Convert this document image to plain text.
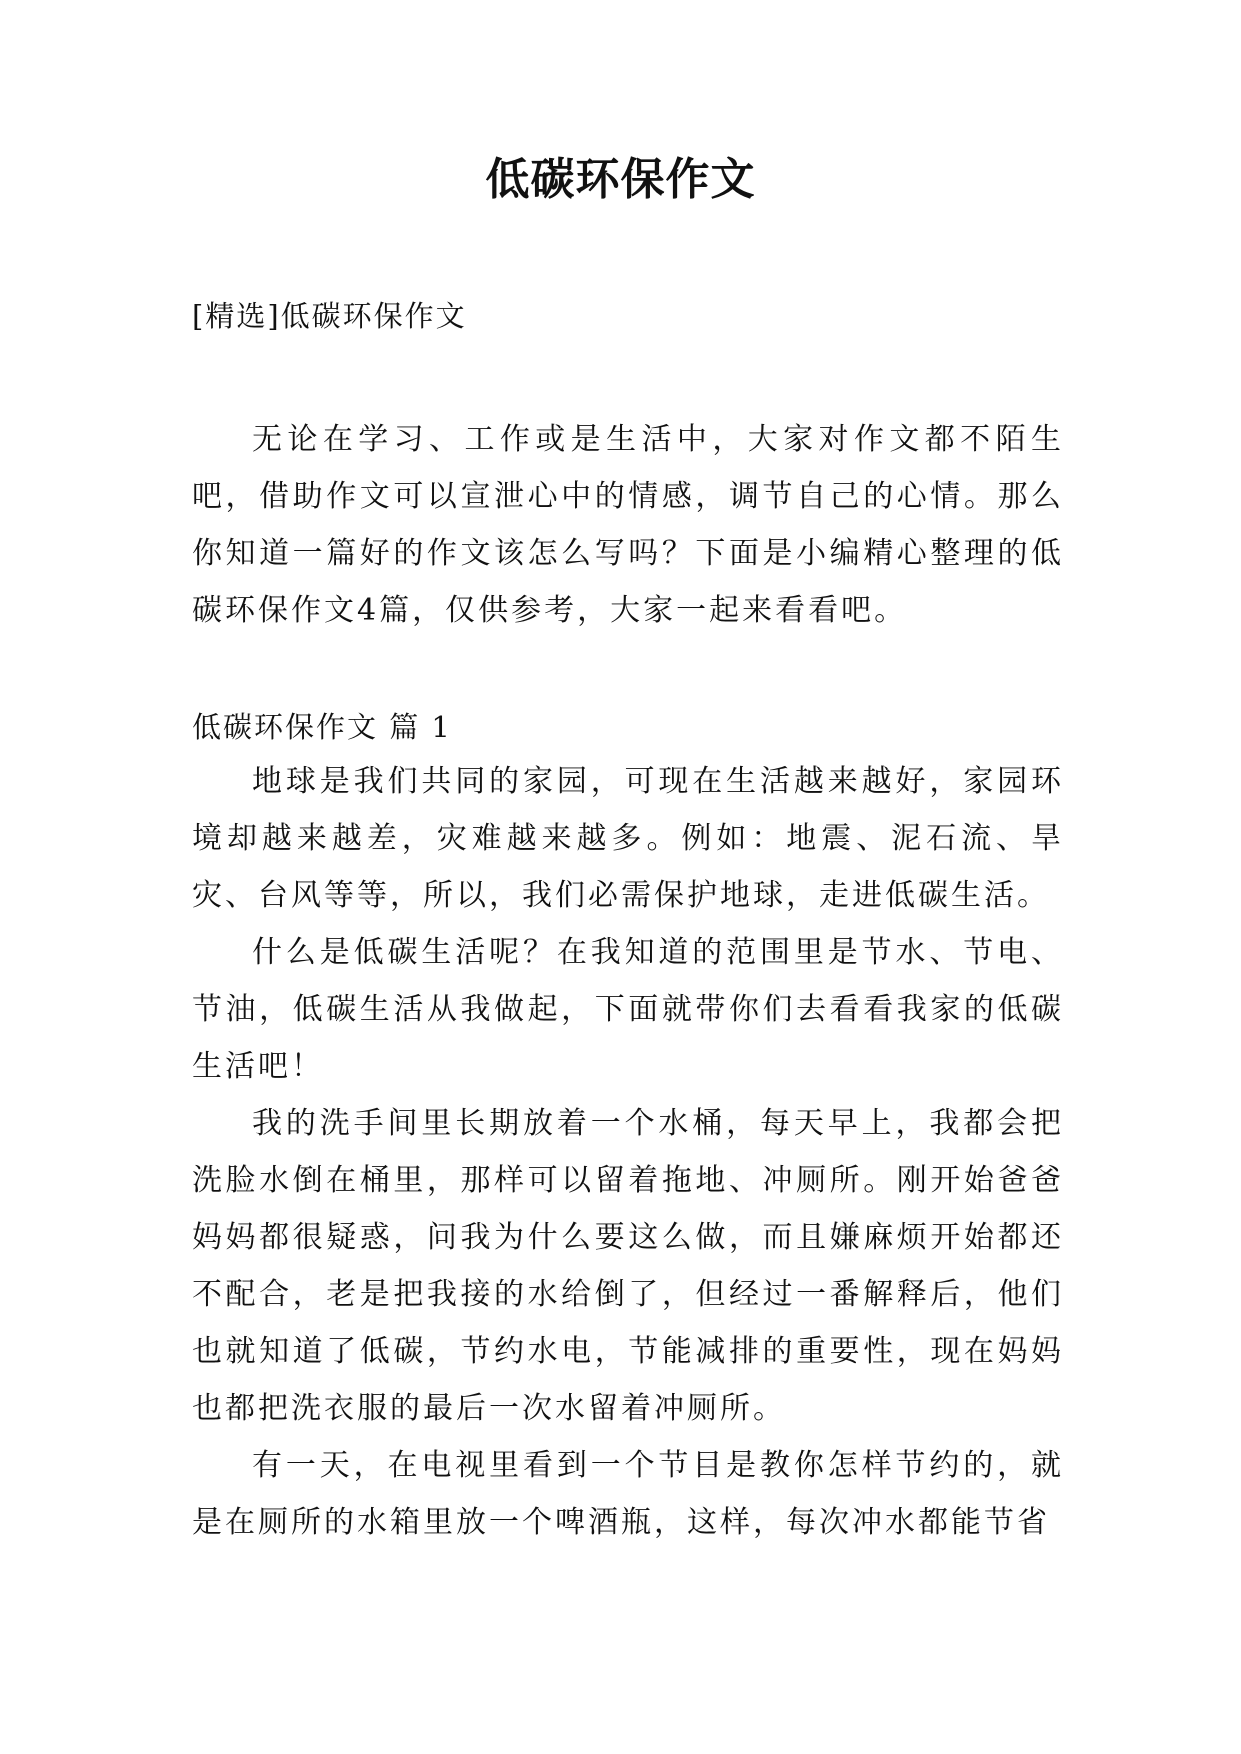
低碳环保作文
[精选]低碳环保作文

无论在学习、工作或是生活中，大家对作文都不陌生吧，借助作文可以宣泄心中的情感，调节自己的心情。那么你知道一篇好的作文该怎么写吗？下面是小编精心整理的低碳环保作文4篇，仅供参考，大家一起来看看吧。

低碳环保作文 篇 1

地球是我们共同的家园，可现在生活越来越好，家园环境却越来越差，灾难越来越多。例如：地震、泥石流、旱灾、台风等等，所以，我们必需保护地球，走进低碳生活。

什么是低碳生活呢？在我知道的范围里是节水、节电、节油，低碳生活从我做起，下面就带你们去看看我家的低碳生活吧！

我的洗手间里长期放着一个水桶，每天早上，我都会把洗脸水倒在桶里，那样可以留着拖地、冲厕所。刚开始爸爸妈妈都很疑惑，问我为什么要这么做，而且嫌麻烦开始都还不配合，老是把我接的水给倒了，但经过一番解释后，他们也就知道了低碳，节约水电，节能减排的重要性，现在妈妈也都把洗衣服的最后一次水留着冲厕所。

有一天，在电视里看到一个节目是教你怎样节约的，就是在厕所的水箱里放一个啤酒瓶，这样，每次冲水都能节省
